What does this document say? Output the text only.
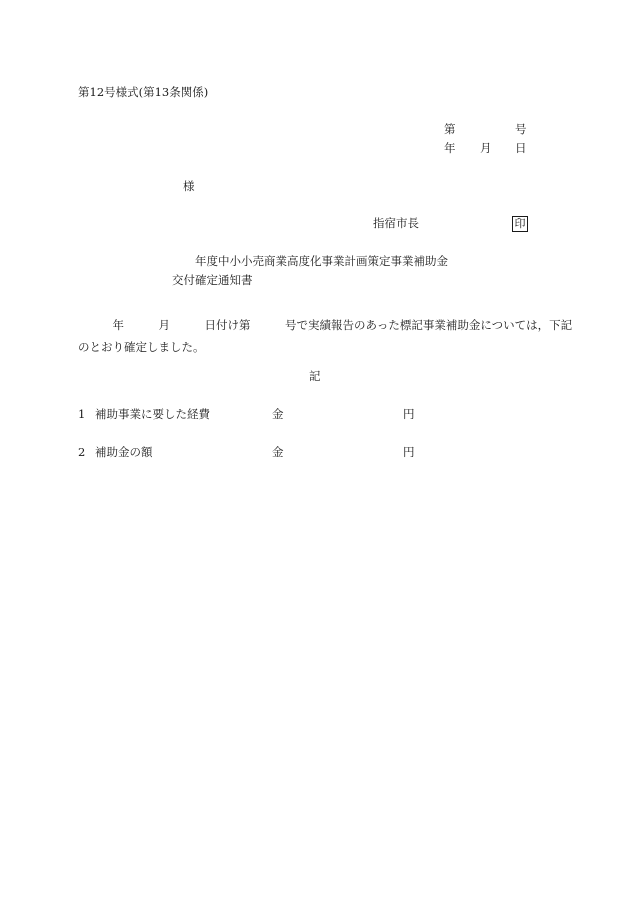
第12号様式(第13条関係)
第	号
年 月 日
様
指宿市長	印
年度中小小売商業高度化事業計画策定事業補助金
交付確定通知書
　　　年　　　月　　　日付け第　　　号で実績報告のあった標記事業補助金については，下記
のとおり確定しました。
記
1 補助事業に要した経費	金	円
2 補助金の額	金	円
